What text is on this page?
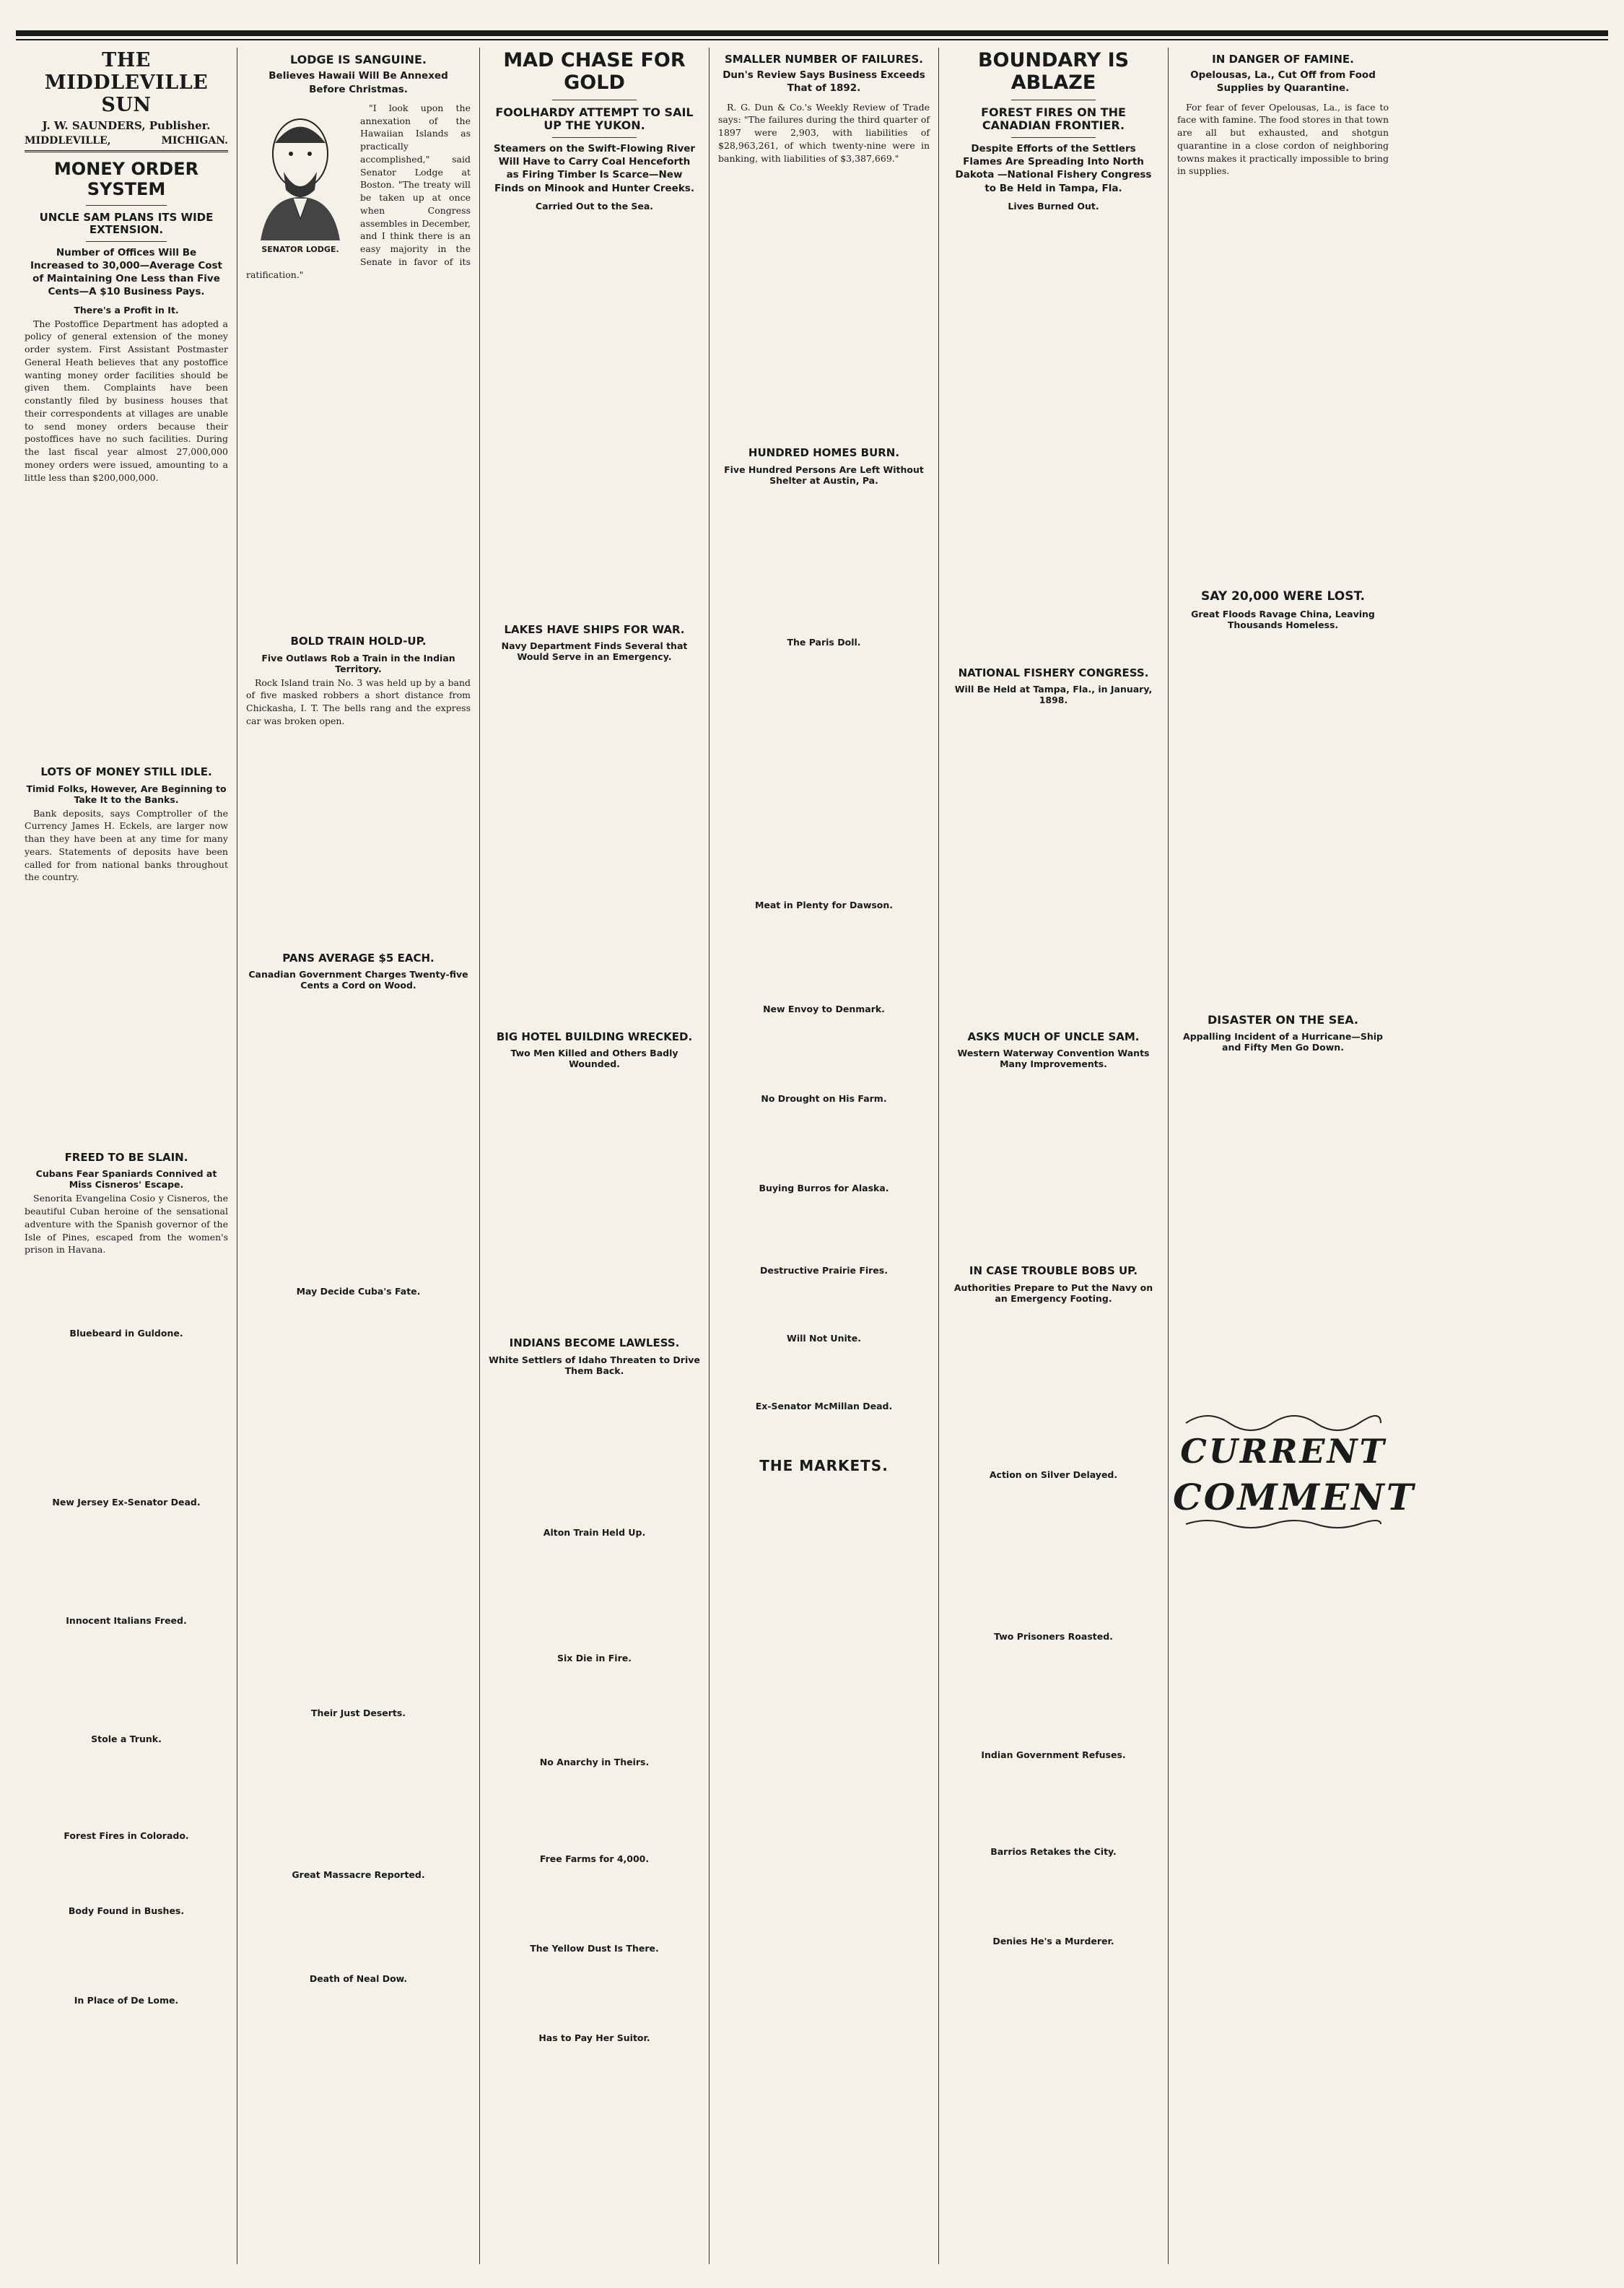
THE MIDDLEVILLE SUN
J. W. SAUNDERS, Publisher.
MIDDLEVILLE,	MICHIGAN.
MONEY ORDER SYSTEM
UNCLE SAM PLANS ITS WIDE EXTENSION.
Number of Offices Will Be Increased to 30,000—Average Cost of Maintaining One Less than Five Cents—A $10 Business Pays.
There's a Profit in It.

The Postoffice Department has adopted a policy of general extension of the money order system. First Assistant Postmaster General Heath believes that any postoffice wanting money order facilities should be given them. Complaints have been constantly filed by business houses that their correspondents at villages are unable to send money orders because their postoffices have no such facilities. During the last fiscal year almost 27,000,000 money orders were issued, amounting to a little less than $200,000,000.

LOTS OF MONEY STILL IDLE.
Timid Folks, However, Are Beginning to Take It to the Banks.

Bank deposits, says Comptroller of the Currency James H. Eckels, are larger now than they have been at any time for many years. Statements of deposits have been called for from national banks throughout the country.

FREED TO BE SLAIN.
Cubans Fear Spaniards Connived at Miss Cisneros' Escape.

Senorita Evangelina Cosio y Cisneros, the beautiful Cuban heroine of the sensational adventure with the Spanish governor of the Isle of Pines, escaped from the women's prison in Havana.

Bluebeard in Guldone.
New Jersey Ex-Senator Dead.
Innocent Italians Freed.
Stole a Trunk.
Forest Fires in Colorado.
Body Found in Bushes.
In Place of De Lome.
LODGE IS SANGUINE.
Believes Hawaii Will Be Annexed Before Christmas.
SENATOR LODGE.

"I look upon the annexation of the Hawaiian Islands as practically accomplished," said Senator Lodge at Boston. "The treaty will be taken up at once when Congress assembles in December, and I think there is an easy majority in the Senate in favor of its ratification."

BOLD TRAIN HOLD-UP.
Five Outlaws Rob a Train in the Indian Territory.

Rock Island train No. 3 was held up by a band of five masked robbers a short distance from Chickasha, I. T. The bells rang and the express car was broken open.

PANS AVERAGE $5 EACH.
Canadian Government Charges Twenty-five Cents a Cord on Wood.
May Decide Cuba's Fate.
Their Just Deserts.
Great Massacre Reported.
Death of Neal Dow.
MAD CHASE FOR GOLD
FOOLHARDY ATTEMPT TO SAIL UP THE YUKON.
Steamers on the Swift-Flowing River Will Have to Carry Coal Henceforth as Firing Timber Is Scarce—New Finds on Minook and Hunter Creeks.
Carried Out to the Sea.
LAKES HAVE SHIPS FOR WAR.
Navy Department Finds Several that Would Serve in an Emergency.
BIG HOTEL BUILDING WRECKED.
Two Men Killed and Others Badly Wounded.
INDIANS BECOME LAWLESS.
White Settlers of Idaho Threaten to Drive Them Back.
Alton Train Held Up.
Six Die in Fire.
No Anarchy in Theirs.
Free Farms for 4,000.
The Yellow Dust Is There.
Has to Pay Her Suitor.
SMALLER NUMBER OF FAILURES.
Dun's Review Says Business Exceeds That of 1892.

R. G. Dun & Co.'s Weekly Review of Trade says: "The failures during the third quarter of 1897 were 2,903, with liabilities of $28,963,261, of which twenty-nine were in banking, with liabilities of $3,387,669."

HUNDRED HOMES BURN.
Five Hundred Persons Are Left Without Shelter at Austin, Pa.
The Paris Doll.
Meat in Plenty for Dawson.
New Envoy to Denmark.
No Drought on His Farm.
Buying Burros for Alaska.
Destructive Prairie Fires.
Will Not Unite.
Ex-Senator McMillan Dead.
THE MARKETS.
BOUNDARY IS ABLAZE
FOREST FIRES ON THE CANADIAN FRONTIER.
Despite Efforts of the Settlers Flames Are Spreading Into North Dakota —National Fishery Congress to Be Held in Tampa, Fla.
Lives Burned Out.
NATIONAL FISHERY CONGRESS.
Will Be Held at Tampa, Fla., in January, 1898.
ASKS MUCH OF UNCLE SAM.
Western Waterway Convention Wants Many Improvements.
IN CASE TROUBLE BOBS UP.
Authorities Prepare to Put the Navy on an Emergency Footing.
Action on Silver Delayed.
Two Prisoners Roasted.
Indian Government Refuses.
Barrios Retakes the City.
Denies He's a Murderer.
IN DANGER OF FAMINE.
Opelousas, La., Cut Off from Food Supplies by Quarantine.

For fear of fever Opelousas, La., is face to face with famine. The food stores in that town are all but exhausted, and shotgun quarantine in a close cordon of neighboring towns makes it practically impossible to bring in supplies.

SAY 20,000 WERE LOST.
Great Floods Ravage China, Leaving Thousands Homeless.
DISASTER ON THE SEA.
Appalling Incident of a Hurricane—Ship and Fifty Men Go Down.
CURRENT
COMMENT
